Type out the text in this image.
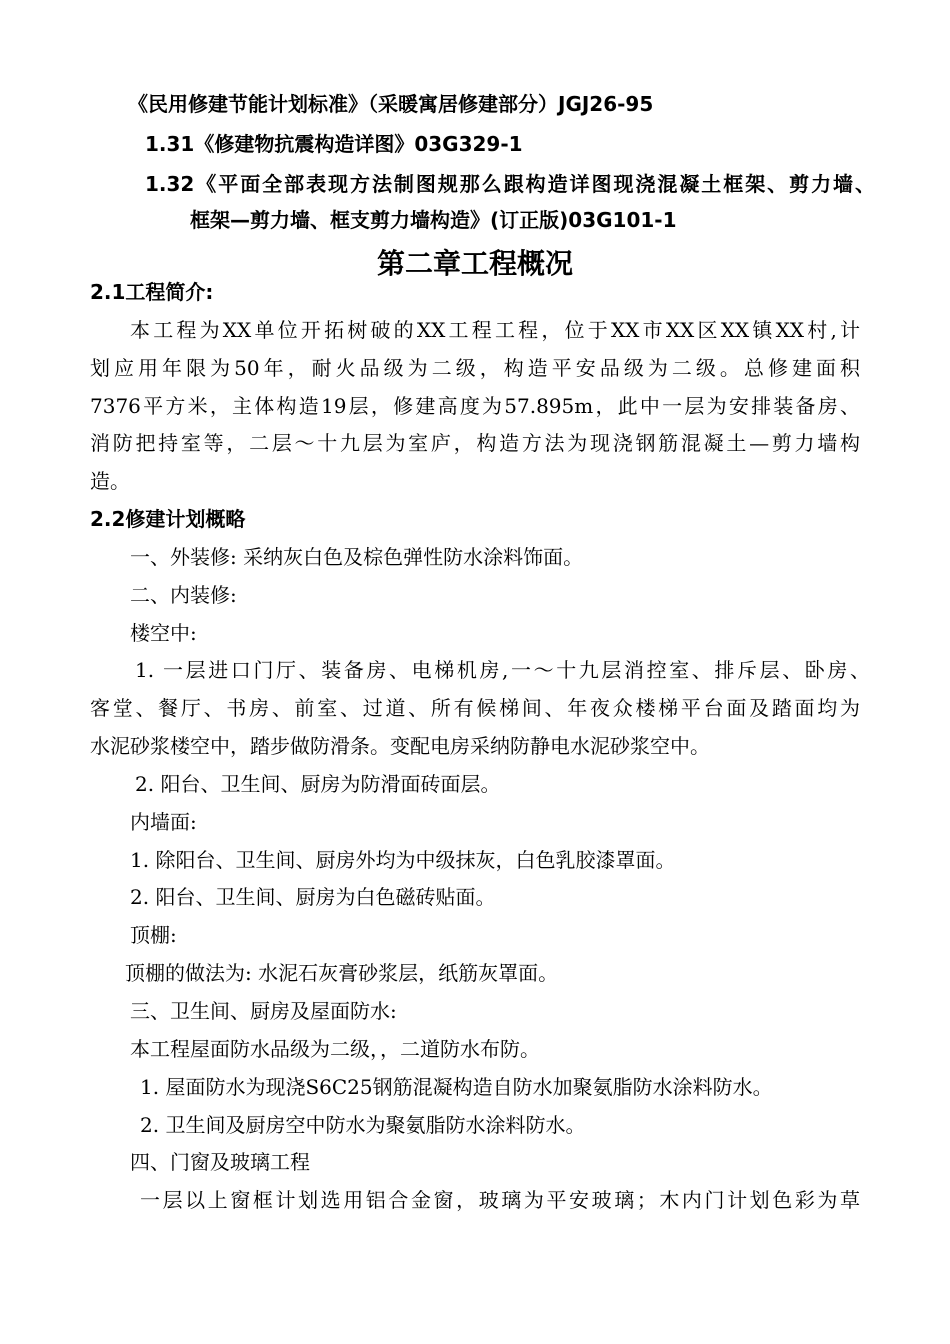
《民用修建节能计划标准》（采暖寓居修建部分）JGJ26-95
1.31《修建物抗震构造详图》03G329-1
1.32《平面全部表现方法制图规那么跟构造详图现浇混凝土框架、剪力墙、
框架—剪力墙、框支剪力墙构造》(订正版)03G101-1
第二章工程概况
2.1工程简介:
本工程为XX单位开拓树破的XX工程工程，位于XX市XX区XX镇XX村,计
划应用年限为50年，耐火品级为二级，构造平安品级为二级。总修建面积
7376平方米，主体构造19层，修建高度为57.895m，此中一层为安排装备房、
消防把持室等，二层～十九层为室庐，构造方法为现浇钢筋混凝土—剪力墙构
造。
2.2修建计划概略
一、外装修: 采纳灰白色及棕色弹性防水涂料饰面。
二、内装修:
楼空中:
1. 一层进口门厅、装备房、电梯机房,一～十九层消控室、排斥层、卧房、
客堂、餐厅、书房、前室、过道、所有候梯间、年夜众楼梯平台面及踏面均为
水泥砂浆楼空中，踏步做防滑条。变配电房采纳防静电水泥砂浆空中。
2. 阳台、卫生间、厨房为防滑面砖面层。
内墙面:
1. 除阳台、卫生间、厨房外均为中级抹灰，白色乳胶漆罩面。
2. 阳台、卫生间、厨房为白色磁砖贴面。
顶棚:
顶棚的做法为: 水泥石灰膏砂浆层，纸筋灰罩面。
三、卫生间、厨房及屋面防水:
本工程屋面防水品级为二级，，二道防水布防。
1. 屋面防水为现浇S6C25钢筋混凝构造自防水加聚氨脂防水涂料防水。
2. 卫生间及厨房空中防水为聚氨脂防水涂料防水。
四、门窗及玻璃工程
一层以上窗框计划选用铝合金窗，玻璃为平安玻璃；木内门计划色彩为草
